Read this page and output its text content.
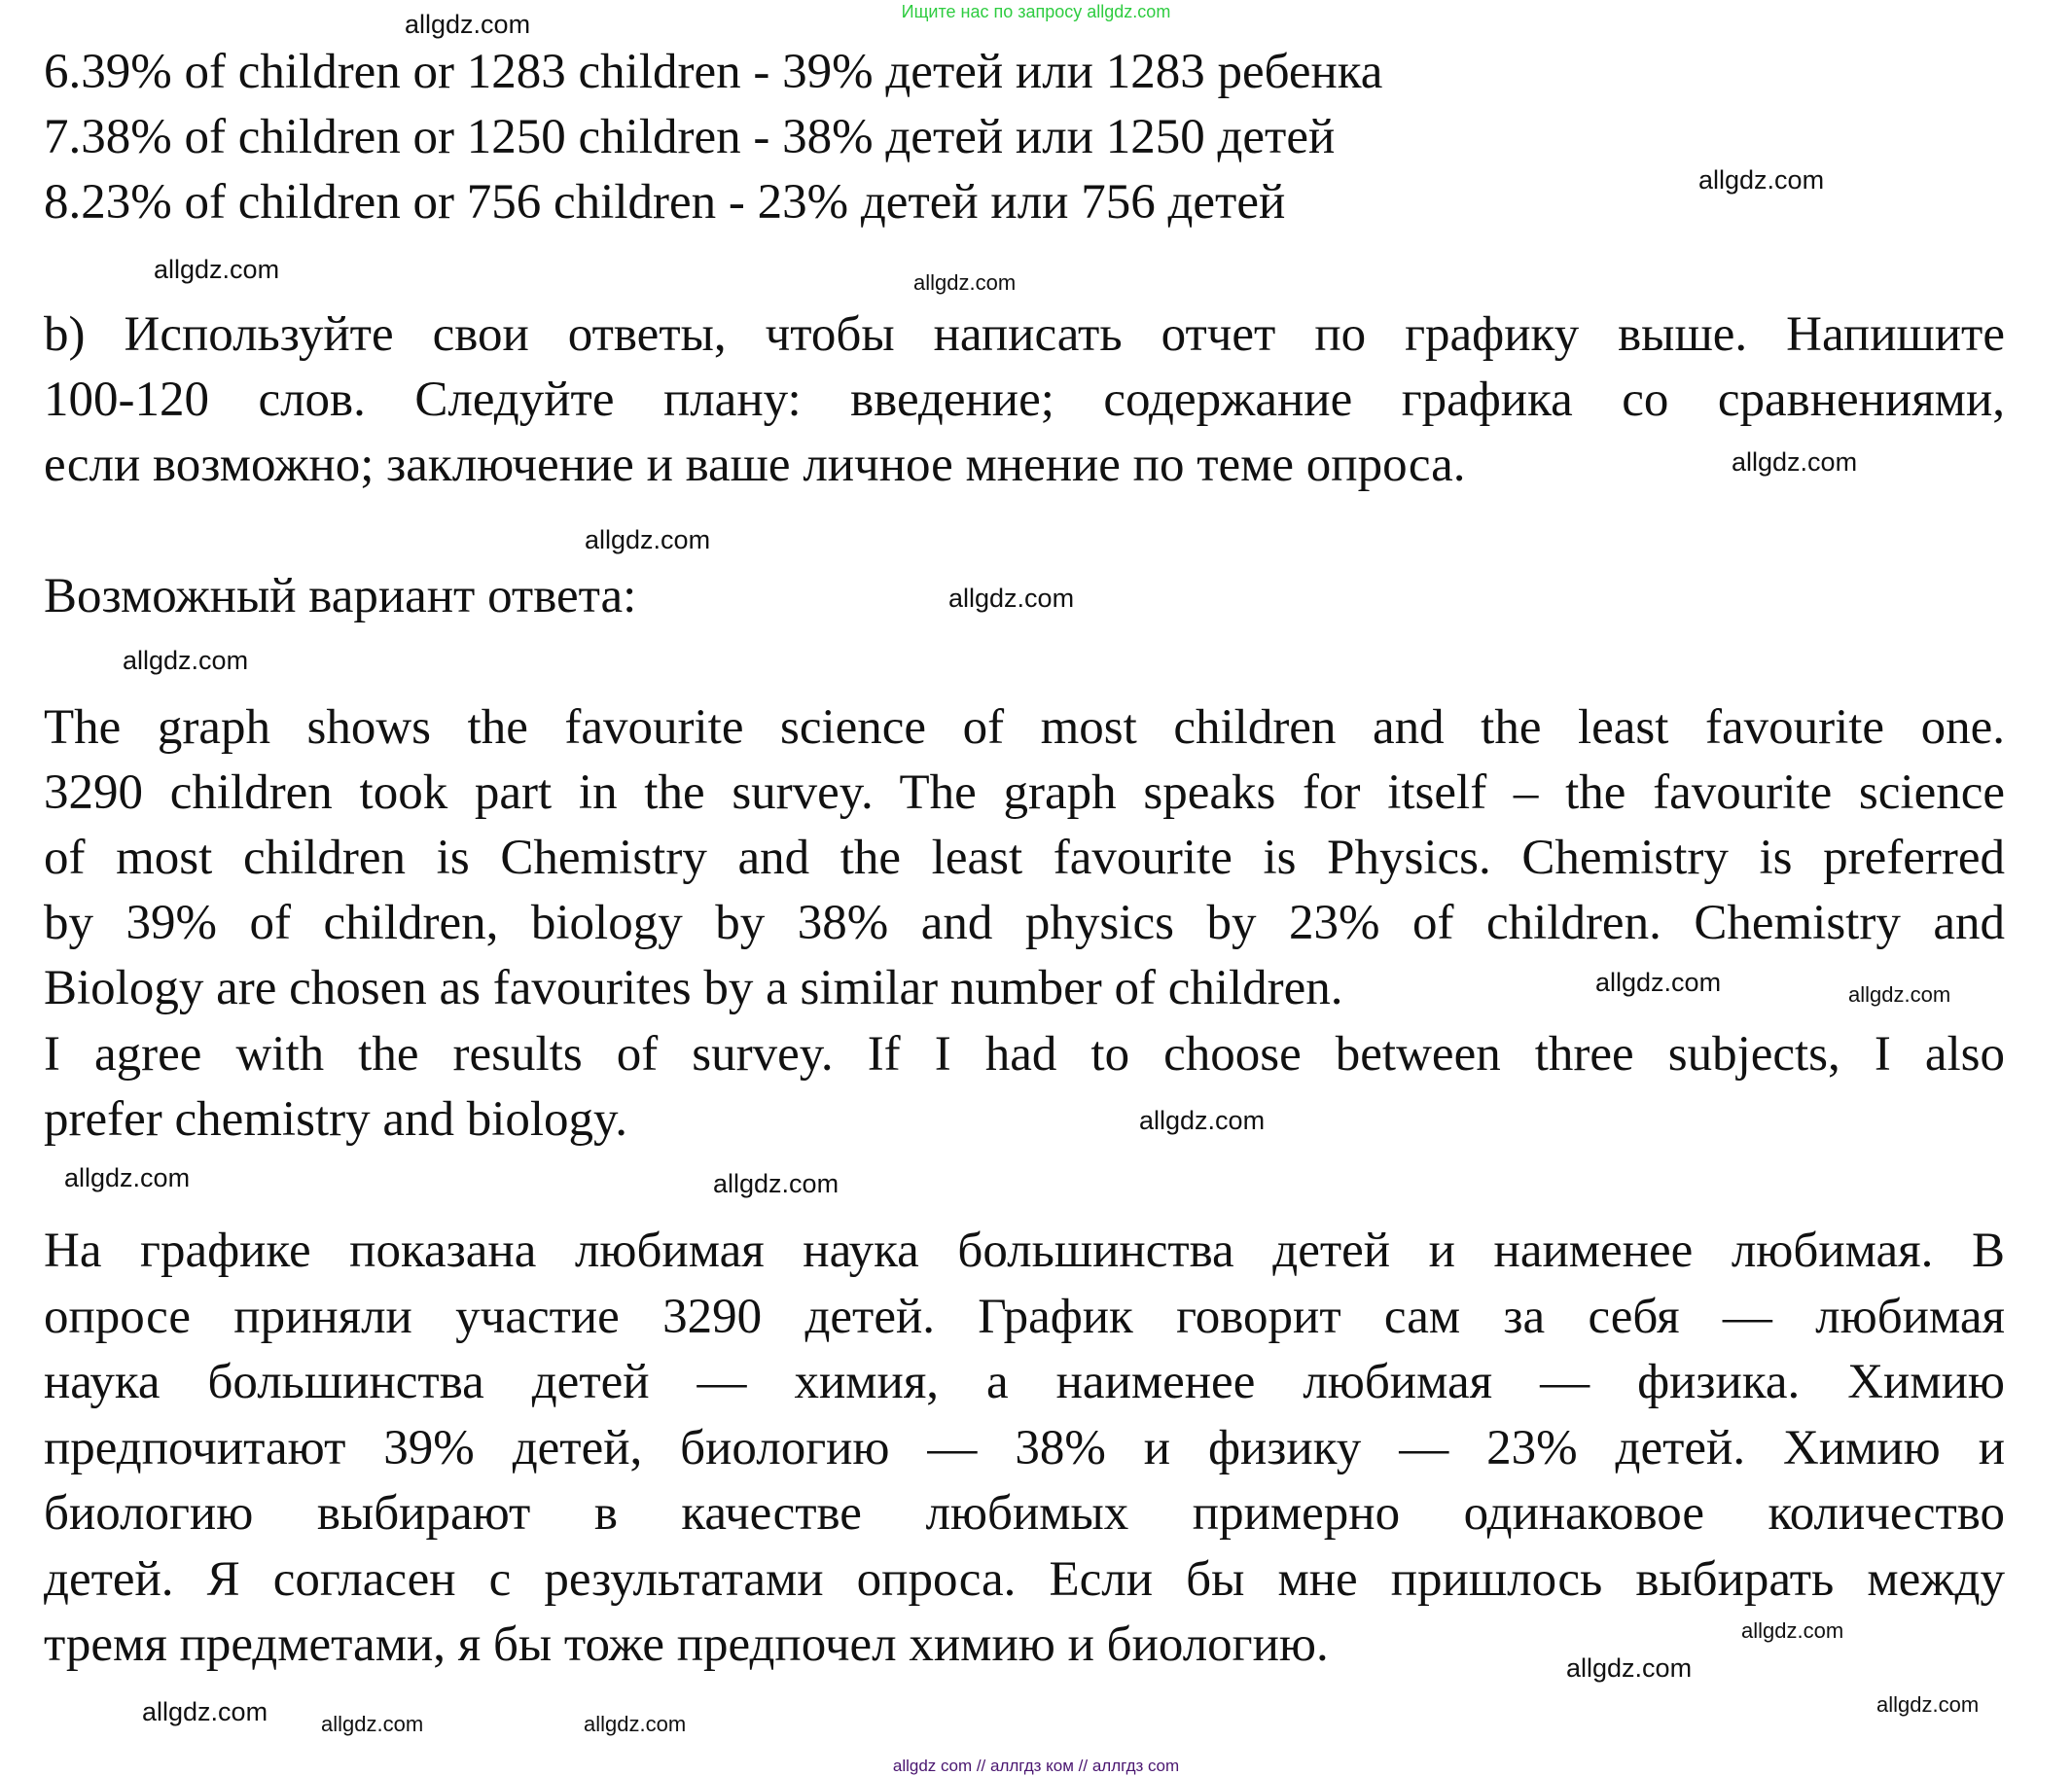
Ищите нас по запросу allgdz.com
6.39% of children or 1283 children - 39% детей или 1283 ребенка
7.38% of children or 1250 children - 38% детей или 1250 детей
8.23% of children or 756 children - 23% детей или 756 детей
b) Используйте свои ответы, чтобы написать отчет по графику выше. Напишите
100-120 слов. Следуйте плану: введение; содержание графика со сравнениями,
если возможно; заключение и ваше личное мнение по теме опроса.
Возможный вариант ответа:
The graph shows the favourite science of most children and the least favourite one.
3290 children took part in the survey. The graph speaks for itself – the favourite science
of most children is Chemistry and the least favourite is Physics. Chemistry is preferred
by 39% of children, biology by 38% and physics by 23% of children. Chemistry and
Biology are chosen as favourites by a similar number of children.
I agree with the results of survey. If I had to choose between three subjects, I also
prefer chemistry and biology.
На графике показана любимая наука большинства детей и наименее любимая. В
опросе приняли участие 3290 детей. График говорит сам за себя — любимая
наука большинства детей — химия, а наименее любимая — физика. Химию
предпочитают 39% детей, биологию — 38% и физику — 23% детей. Химию и
биологию выбирают в качестве любимых примерно одинаковое количество
детей. Я согласен с результатами опроса. Если бы мне пришлось выбирать между
тремя предметами, я бы тоже предпочел химию и биологию.
allgdz.com
allgdz.com
allgdz.com	allgdz.com
allgdz.com
allgdz.com
allgdz.com
allgdz.com
allgdz.com
allgdz.com
allgdz.com
allgdz.com	allgdz.com
allgdz.com
allgdz.com	allgdz.com
allgdz.com
allgdz.com
allgdz.com
allgdz com // аллгдз ком // аллгдз com
